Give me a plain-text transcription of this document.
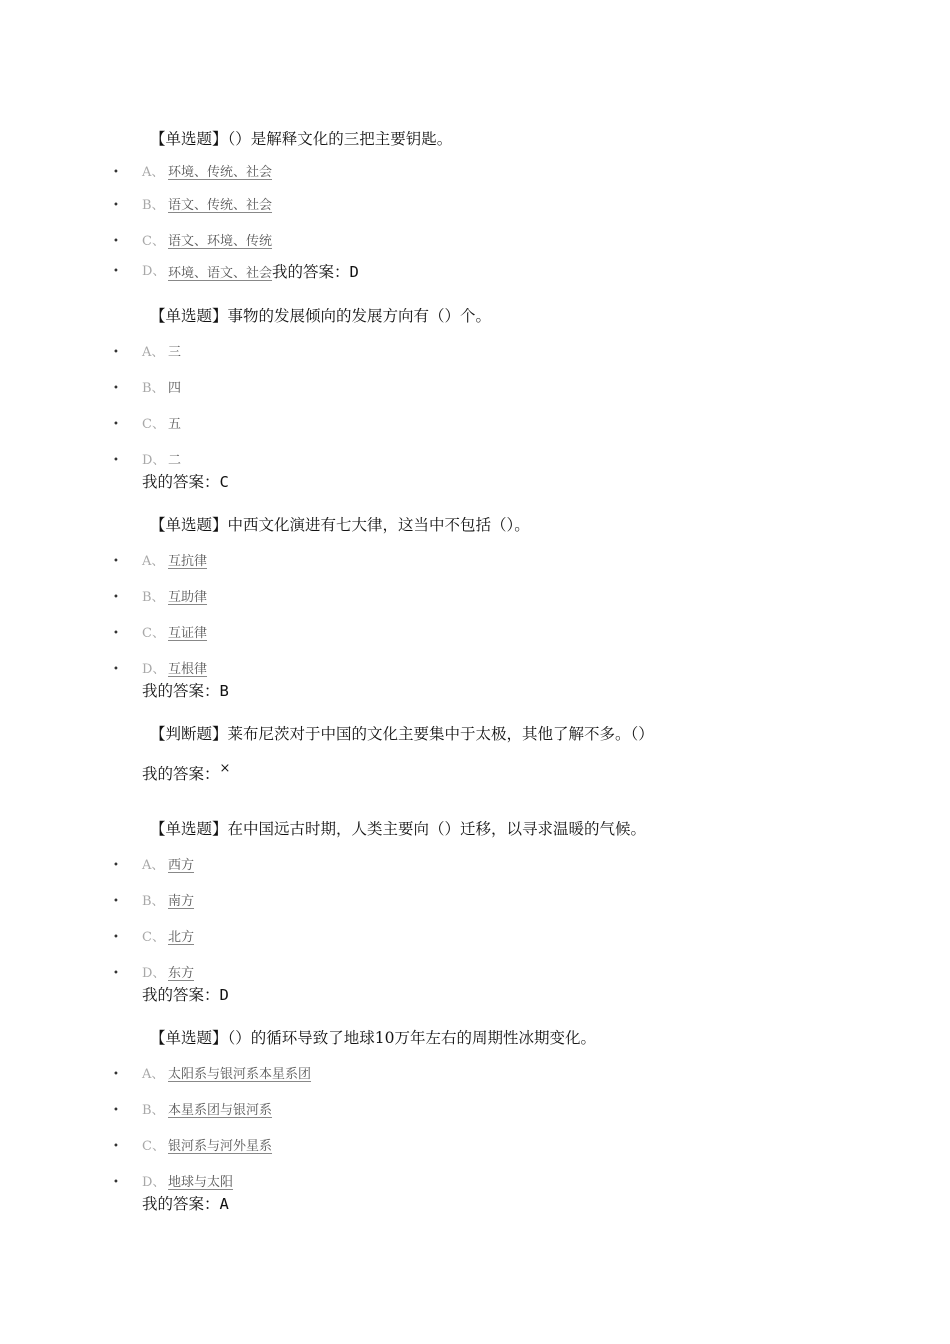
【单选题】（）是解释文化的三把主要钥匙。

• A、 环境、传统、社会
• B、 语文、传统、社会
• C、 语文、环境、传统
• D、 环境、语文、社会我的答案：D

【单选题】事物的发展倾向的发展方向有（）个。

• A、 三
• B、 四
• C、 五
• D、 二
我的答案：C

【单选题】中西文化演进有七大律，这当中不包括（）。

• A、 互抗律
• B、 互助律
• C、 互证律
• D、 互根律
我的答案：B

【判断题】莱布尼茨对于中国的文化主要集中于太极，其他了解不多。（）

我的答案：×

【单选题】在中国远古时期，人类主要向（）迁移，以寻求温暖的气候。

• A、 西方
• B、 南方
• C、 北方
• D、 东方
我的答案：D

【单选题】（）的循环导致了地球10万年左右的周期性冰期变化。

• A、 太阳系与银河系本星系团
• B、 本星系团与银河系
• C、 银河系与河外星系
• D、 地球与太阳
我的答案：A
